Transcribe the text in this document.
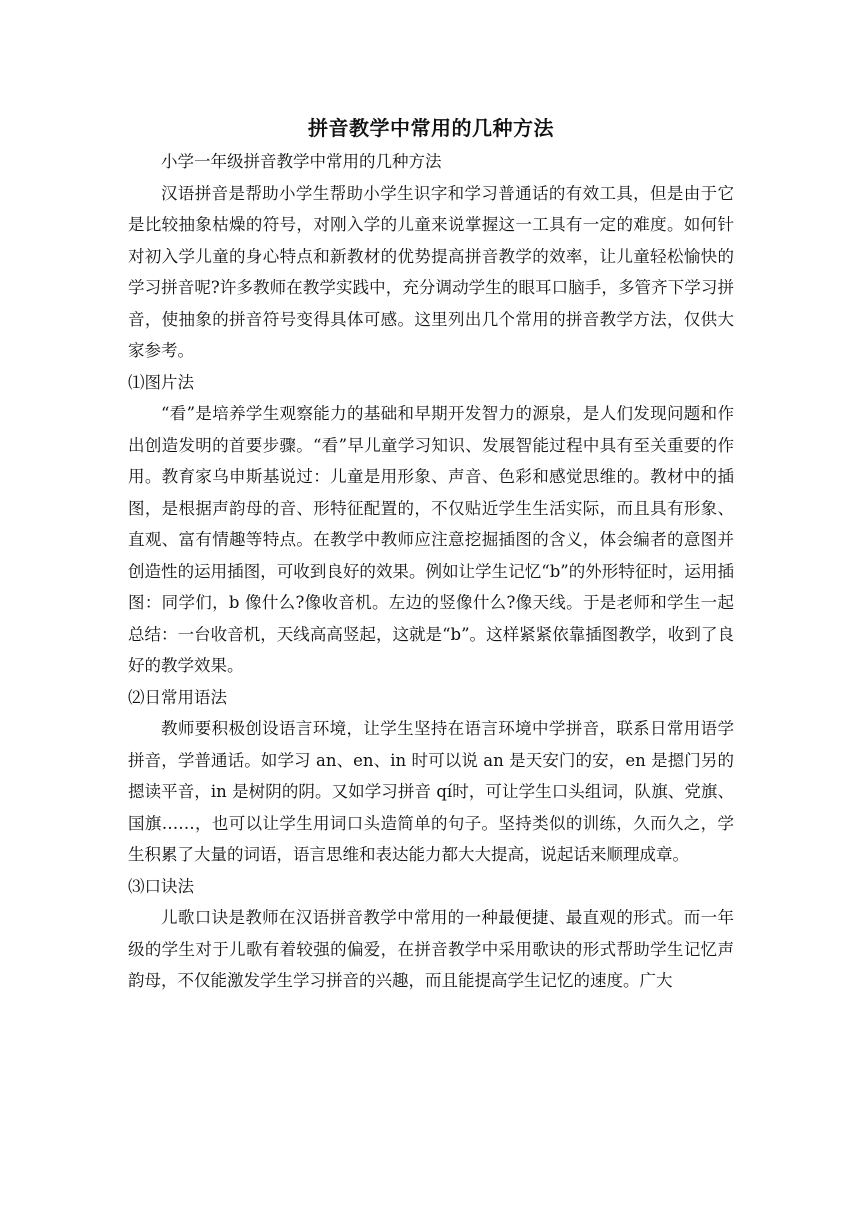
拼音教学中常用的几种方法

小学一年级拼音教学中常用的几种方法

汉语拼音是帮助小学生帮助小学生识字和学习普通话的有效工具，但是由于它是比较抽象枯燥的符号，对刚入学的儿童来说掌握这一工具有一定的难度。如何针对初入学儿童的身心特点和新教材的优势提高拼音教学的效率，让儿童轻松愉快的学习拼音呢?许多教师在教学实践中，充分调动学生的眼耳口脑手，多管齐下学习拼音，使抽象的拼音符号变得具体可感。这里列出几个常用的拼音教学方法，仅供大家参考。

⑴图片法

“看”是培养学生观察能力的基础和早期开发智力的源泉，是人们发现问题和作出创造发明的首要步骤。“看”早儿童学习知识、发展智能过程中具有至关重要的作用。教育家乌申斯基说过：儿童是用形象、声音、色彩和感觉思维的。教材中的插图，是根据声韵母的音、形特征配置的，不仅贴近学生生活实际，而且具有形象、直观、富有情趣等特点。在教学中教师应注意挖掘插图的含义，体会编者的意图并创造性的运用插图，可收到良好的效果。例如让学生记忆“b”的外形特征时，运用插图：同学们，b 像什么?像收音机。左边的竖像什么?像天线。于是老师和学生一起总结：一台收音机，天线高高竖起，这就是“b”。这样紧紧依靠插图教学，收到了良好的教学效果。

⑵日常用语法

教师要积极创设语言环境，让学生坚持在语言环境中学拼音，联系日常用语学拼音，学普通话。如学习 an、en、in 时可以说 an 是天安门的安，en 是摁门另的摁读平音，in 是树阴的阴。又如学习拼音 qí时，可让学生口头组词，队旗、党旗、国旗……，也可以让学生用词口头造简单的句子。坚持类似的训练，久而久之，学生积累了大量的词语，语言思维和表达能力都大大提高，说起话来顺理成章。

⑶口诀法

儿歌口诀是教师在汉语拼音教学中常用的一种最便捷、最直观的形式。而一年级的学生对于儿歌有着较强的偏爱，在拼音教学中采用歌诀的形式帮助学生记忆声韵母，不仅能激发学生学习拼音的兴趣，而且能提高学生记忆的速度。广大
